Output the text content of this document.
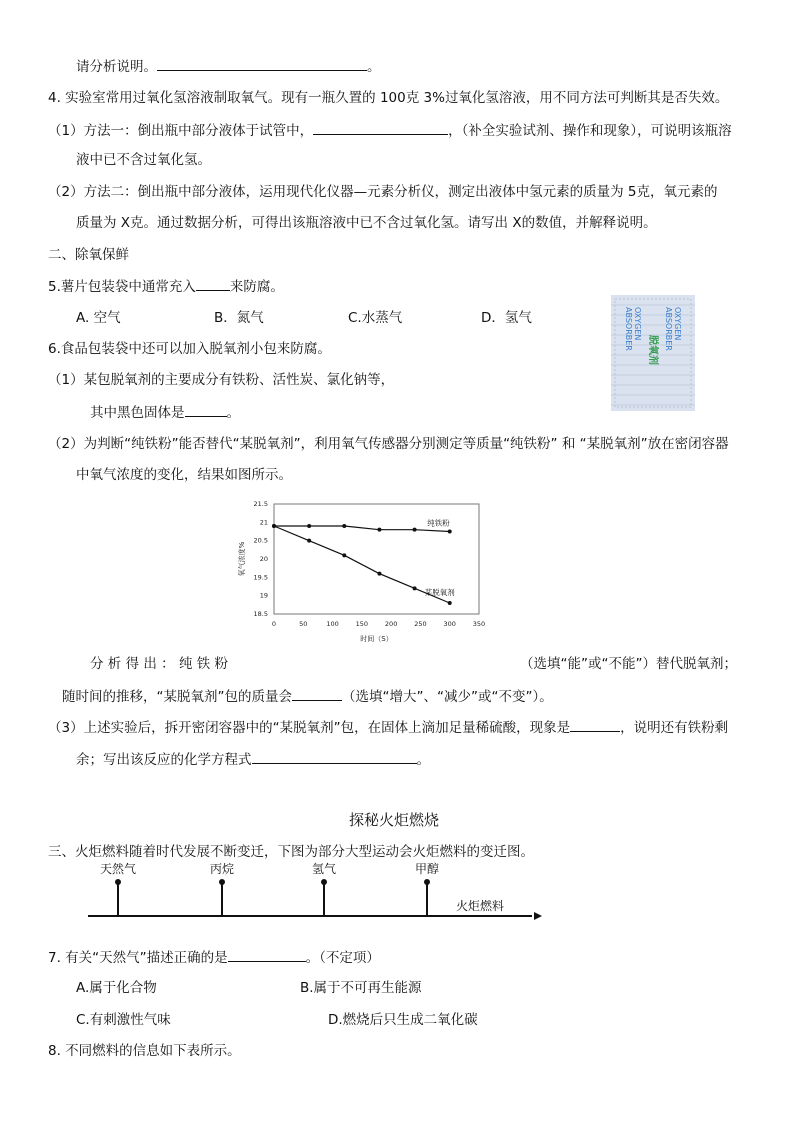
请分析说明。	。
4. 实验室常用过氧化氢溶液制取氧气。现有一瓶久置的 100克 3%过氧化氢溶液，用不同方法可判断其是否失效。
（1）方法一：倒出瓶中部分液体于试管中，	，（补全实验试剂、操作和现象），可说明该瓶溶
液中已不含过氧化氢。
（2）方法二：倒出瓶中部分液体，运用现代化仪器—元素分析仪，测定出液体中氢元素的质量为 5克，氧元素的
质量为 X克。通过数据分析，可得出该瓶溶液中已不含过氧化氢。请写出 X的数值，并解释说明。
二、除氧保鲜
5.薯片包装袋中通常充入	来防腐。
A. 空气	B．氮气	C.水蒸气	D．氢气
6.食品包装袋中还可以加入脱氧剂小包来防腐。
（1）某包脱氧剂的主要成分有铁粉、活性炭、氯化钠等，
其中黑色固体是	。
OXYGEN
ABSORBER
脱氧剂
OXYGEN
ABSORBER
（2）为判断“纯铁粉”能否替代“某脱氧剂”，利用氧气传感器分别测定等质量“纯铁粉” 和 “某脱氧剂”放在密闭容器
中氧气浓度的变化，结果如图所示。
0	50	100	150	200	250	300	350
18.5
19
19.5
20
20.5
21
21.5
时间（S）
氧气浓度%
纯铁粉
某脱氧剂
分 析 得 出 ： 纯 铁 粉	（选填“能”或“不能”）替代脱氧剂；
随时间的推移，“某脱氧剂”包的质量会	（选填“增大”、“减少”或“不变”）。
（3）上述实验后，拆开密闭容器中的“某脱氧剂”包，在固体上滴加足量稀硫酸，现象是	，说明还有铁粉剩
余；写出该反应的化学方程式	。
探秘火炬燃烧
三、火炬燃料随着时代发展不断变迁，下图为部分大型运动会火炬燃料的变迁图。
天然气	丙烷	氢气	甲醇
火炬燃料
7. 有关“天然气”描述正确的是	。（不定项）
A.属于化合物	B.属于不可再生能源
C.有刺激性气味	D.燃烧后只生成二氧化碳
8. 不同燃料的信息如下表所示。
